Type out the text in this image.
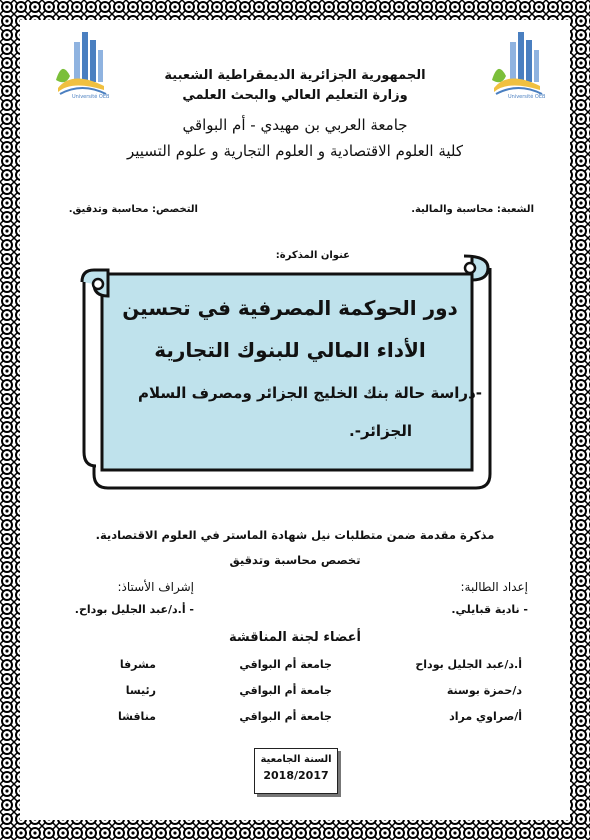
Université OEB	Université OEB
الجمهورية الجزائرية الديمقراطية الشعبية
وزارة التعليم العالي والبحث العلمي
جامعة العربي بن مهيدي - أم البواقي
كلية العلوم الاقتصادية و العلوم التجارية و علوم التسيير
الشعبة: محاسبة والمالية.
التخصص: محاسبة وتدقيق.
عنوان المذكرة:
دور الحوكمة المصرفية في تحسين
الأداء المالي للبنوك التجارية
-دراسة حالة بنك الخليج الجزائر ومصرف السلام
الجزائر-.
مذكرة مقدمة ضمن متطلبات نيل شهادة الماستر في العلوم الاقتصادية.
تخصص محاسبة وتدقيق
إعداد الطالبة:
- نادية قبايلي.
إشراف الأستاذ:
- أ.د/عبد الجليل بوداح.
أعضاء لجنة المناقشة
أ.د/عبد الجليل بوداح
جامعة أم البواقي
مشرفا
د/حمزة بوسنة
جامعة أم البواقي
رئيسا
أ/صراوي مراد
جامعة أم البواقي
مناقشا
السنة الجامعية
2018/2017
